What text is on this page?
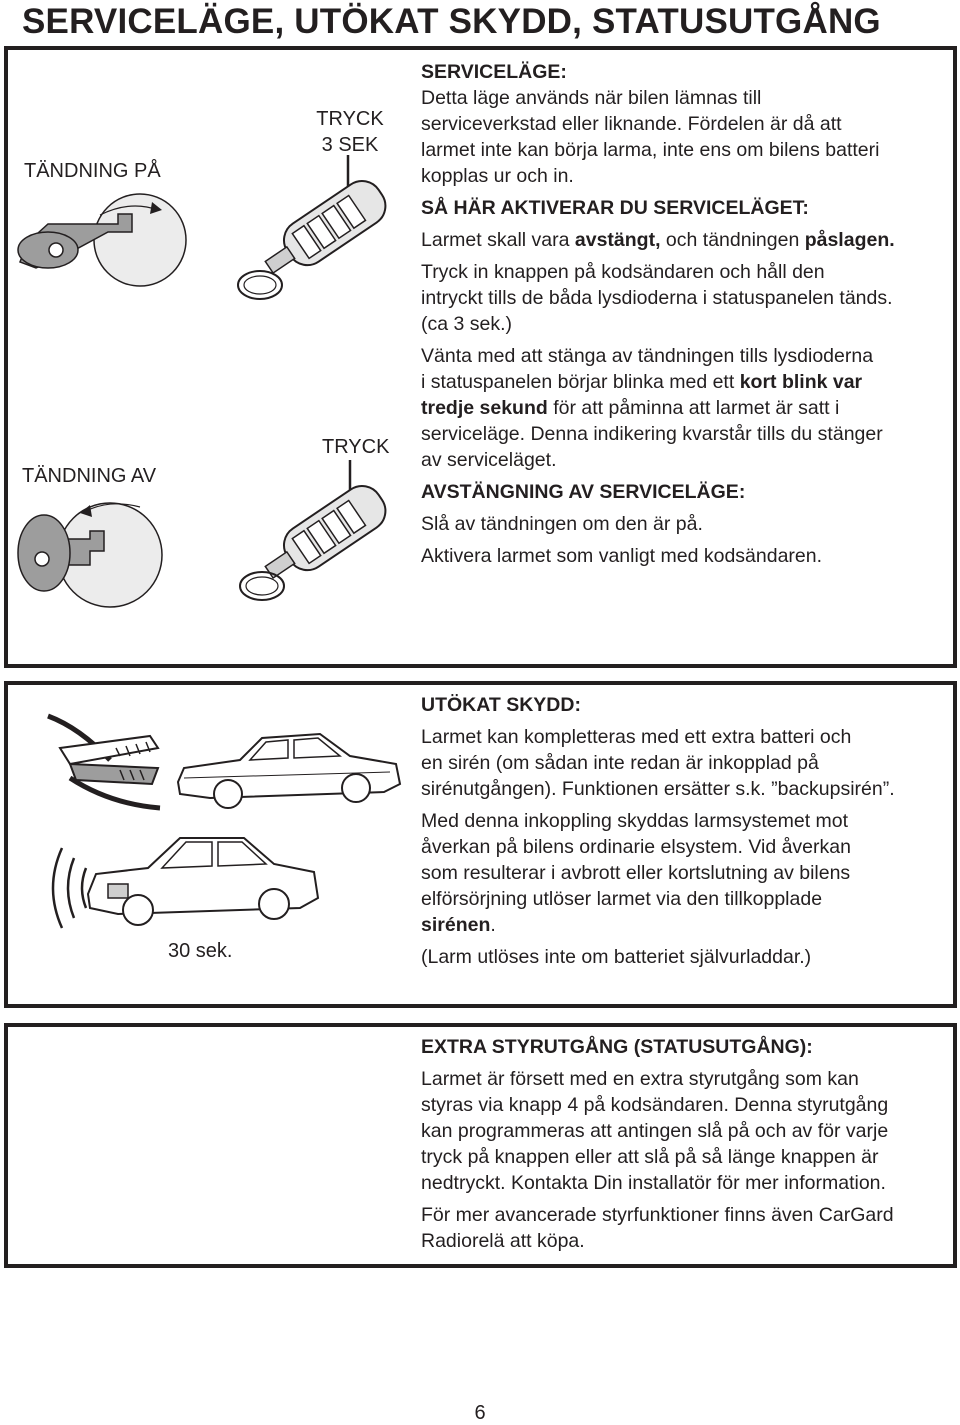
SERVICELÄGE, UTÖKAT SKYDD, STATUSUTGÅNG
TÄNDNING PÅ
TÄNDNING AV
TRYCK
3 SEK
TRYCK

SERVICELÄGE:

Detta läge används när bilen lämnas till

serviceverkstad eller liknande. Fördelen är då att

larmet inte kan börja larma, inte ens om bilens batteri

kopplas ur och in.

SÅ HÄR AKTIVERAR DU SERVICELÄGET:

Larmet skall vara avstängt, och tändningen påslagen.

Tryck in knappen på kodsändaren och håll den

intryckt tills de båda lysdioderna i statuspanelen tänds.

(ca 3 sek.)

Vänta med att stänga av tändningen tills lysdioderna

i statuspanelen börjar blinka med ett kort blink var

tredje sekund för att påminna att larmet är satt i

serviceläge. Denna indikering kvarstår tills du stänger

av serviceläget.

AVSTÄNGNING AV SERVICELÄGE:

Slå av tändningen om den är på.

Aktivera larmet som vanligt med kodsändaren.

30 sek.

UTÖKAT SKYDD:

Larmet kan kompletteras med ett extra batteri och

en sirén (om sådan inte redan är inkopplad på

sirénutgången). Funktionen ersätter s.k. ”backupsirén”.

Med denna inkoppling skyddas larmsystemet mot

åverkan på bilens ordinarie elsystem. Vid åverkan

som resulterar i avbrott eller kortslutning av bilens

elförsörjning utlöser larmet via den tillkopplade

sirénen.

(Larm utlöses inte om batteriet självurladdar.)

EXTRA STYRUTGÅNG (STATUSUTGÅNG):

Larmet är försett med en extra styrutgång som kan

styras via knapp 4 på kodsändaren. Denna styrutgång

kan programmeras att antingen slå på och av för varje

tryck på knappen eller att slå på så länge knappen är

nedtryckt. Kontakta Din installatör för mer information.

För mer avancerade styrfunktioner finns även CarGard

Radiorelä att köpa.

6
